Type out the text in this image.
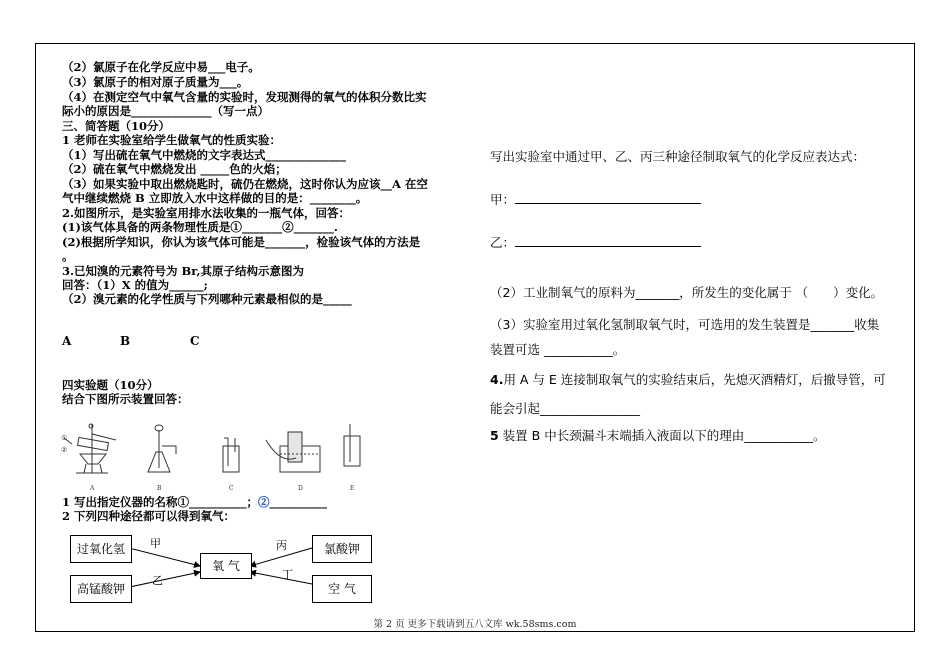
（2）氯原子在化学反应中易___电子。
（3）氯原子的相对原子质量为___。
（4）在测定空气中氧气含量的实验时，发现测得的氧气的体积分数比实
际小的原因是______________（写一点）
三、简答题（10分）
1 老师在实验室给学生做氧气的性质实验：
（1）写出硫在氧气中燃烧的文字表达式______________
（2）硫在氧气中燃烧发出 _____色的火焰；
（3）如果实验中取出燃烧匙时，硫仍在燃烧，这时你认为应该__A 在空
气中继续燃烧 B 立即放入水中这样做的目的是：________。
2.如图所示，是实验室用排水法收集的一瓶气体，回答：
(1)该气体具备的两条物理性质是①_______②_______.
(2)根据所学知识，你认为该气体可能是_______，检验该气体的方法是
。
3.已知溴的元素符号为 Br,其原子结构示意图为
回答：（1）X 的值为______;
（2）溴元素的化学性质与下列哪种元素最相似的是_____
A	B	C
四实验题（10分）
结合下图所示装置回答：
①
②
A	B	C	D	E
1 写出指定仪器的名称①__________；②__________
2 下列四种途径都可以得到氧气：
过氧化氢
高锰酸钾
氧 气
氯酸钾
空 气
甲
乙
丙
丁
写出实验室中通过甲、乙、丙三种途径制取氧气的化学反应表达式：
甲：
乙：
（2）工业制氧气的原料为_______，所发生的变化属于 （　　）变化。
（3）实验室用过氧化氢制取氧气时，可选用的发生装置是_______收集
装置可选 ___________。
4.用 A 与 E 连接制取氧气的实验结束后，先熄灭酒精灯，后撤导管，可
能会引起________________
5 装置 B 中长颈漏斗末端插入液面以下的理由___________。
第 2 页 更多下载请到五八文库 wk.58sms.com
